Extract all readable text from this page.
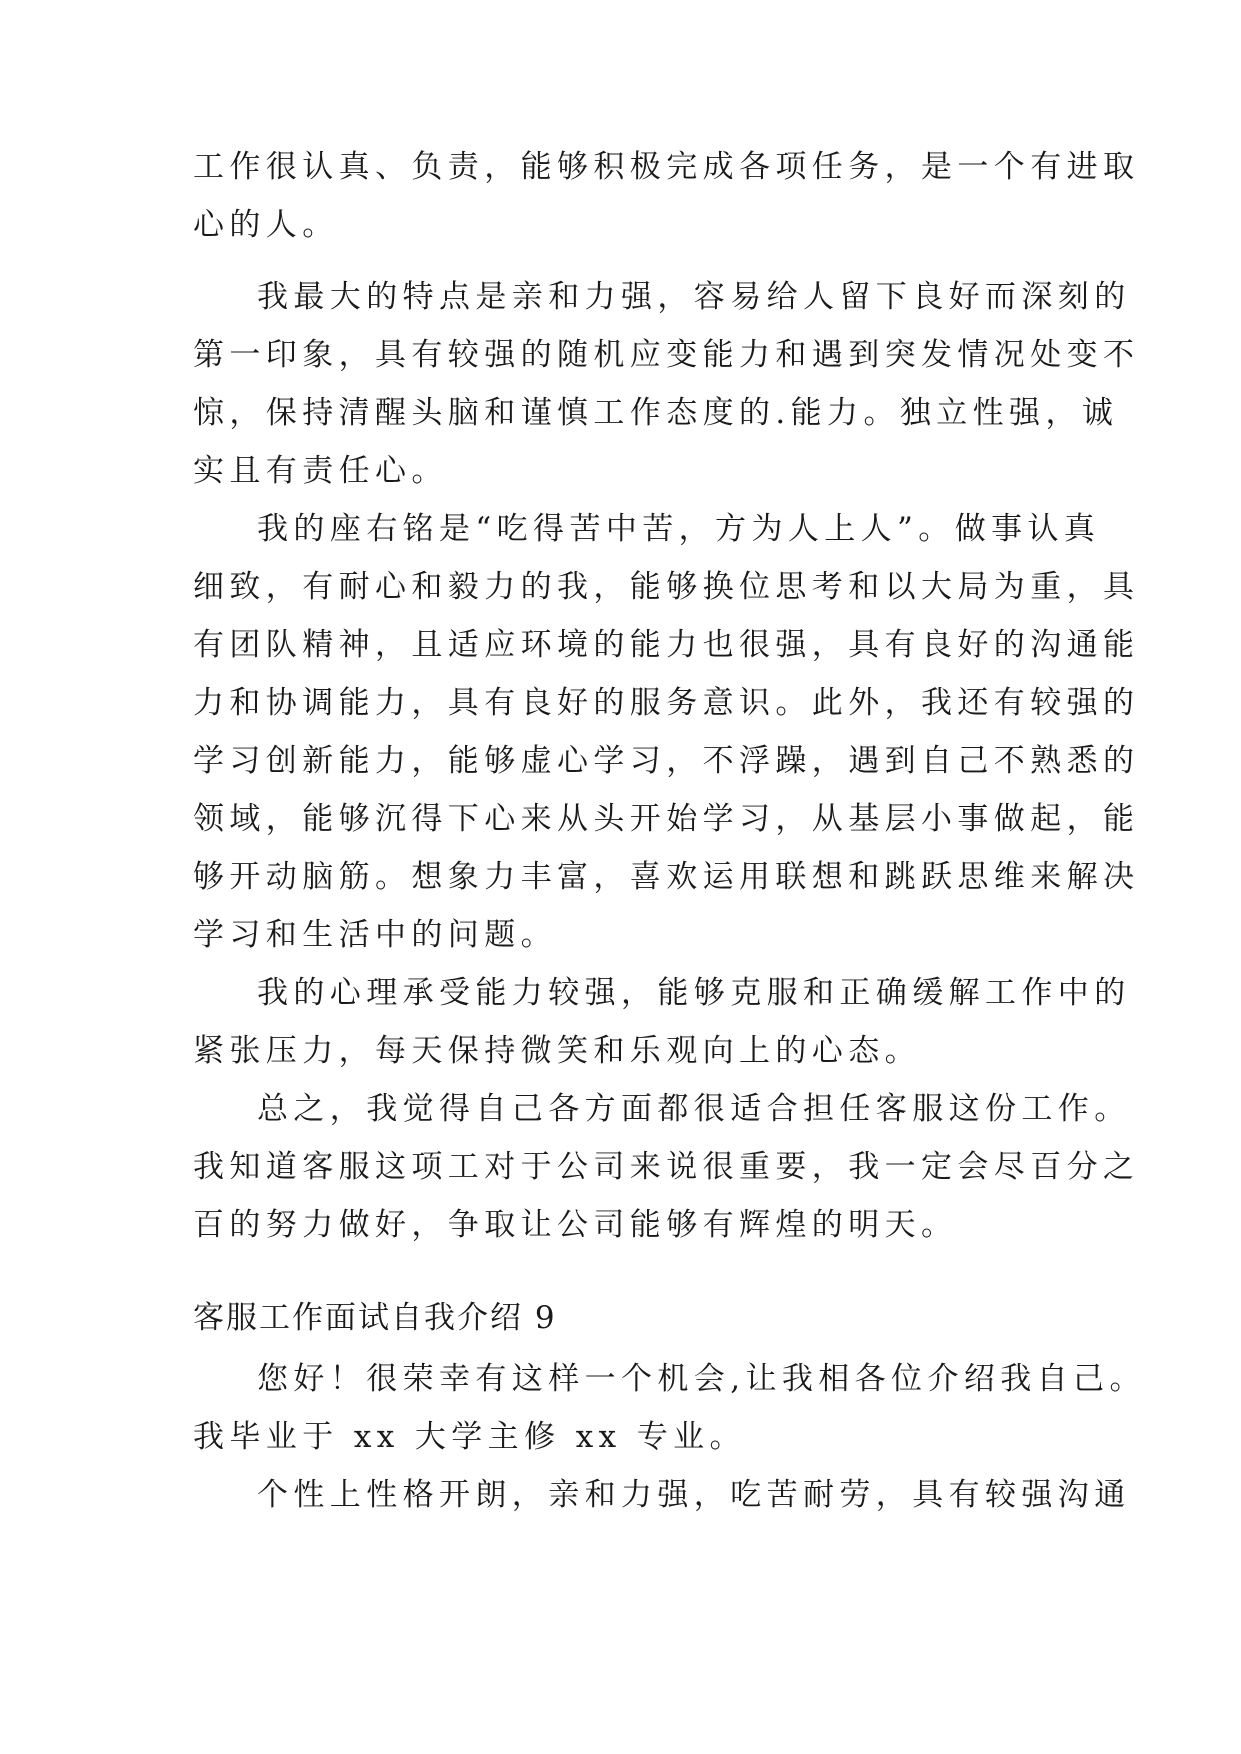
工作很认真、负责，能够积极完成各项任务，是一个有进取
心的人。
我最大的特点是亲和力强，容易给人留下良好而深刻的
第一印象，具有较强的随机应变能力和遇到突发情况处变不
惊，保持清醒头脑和谨慎工作态度的.能力。独立性强，诚
实且有责任心。
我的座右铭是“吃得苦中苦，方为人上人”。做事认真
细致，有耐心和毅力的我，能够换位思考和以大局为重，具
有团队精神，且适应环境的能力也很强，具有良好的沟通能
力和协调能力，具有良好的服务意识。此外，我还有较强的
学习创新能力，能够虚心学习，不浮躁，遇到自己不熟悉的
领域，能够沉得下心来从头开始学习，从基层小事做起，能
够开动脑筋。想象力丰富，喜欢运用联想和跳跃思维来解决
学习和生活中的问题。
我的心理承受能力较强，能够克服和正确缓解工作中的
紧张压力，每天保持微笑和乐观向上的心态。
总之，我觉得自己各方面都很适合担任客服这份工作。
我知道客服这项工对于公司来说很重要，我一定会尽百分之
百的努力做好，争取让公司能够有辉煌的明天。
客服工作面试自我介绍 9
您好！很荣幸有这样一个机会,让我相各位介绍我自己。
我毕业于 xx 大学主修 xx 专业。
个性上性格开朗，亲和力强，吃苦耐劳，具有较强沟通
